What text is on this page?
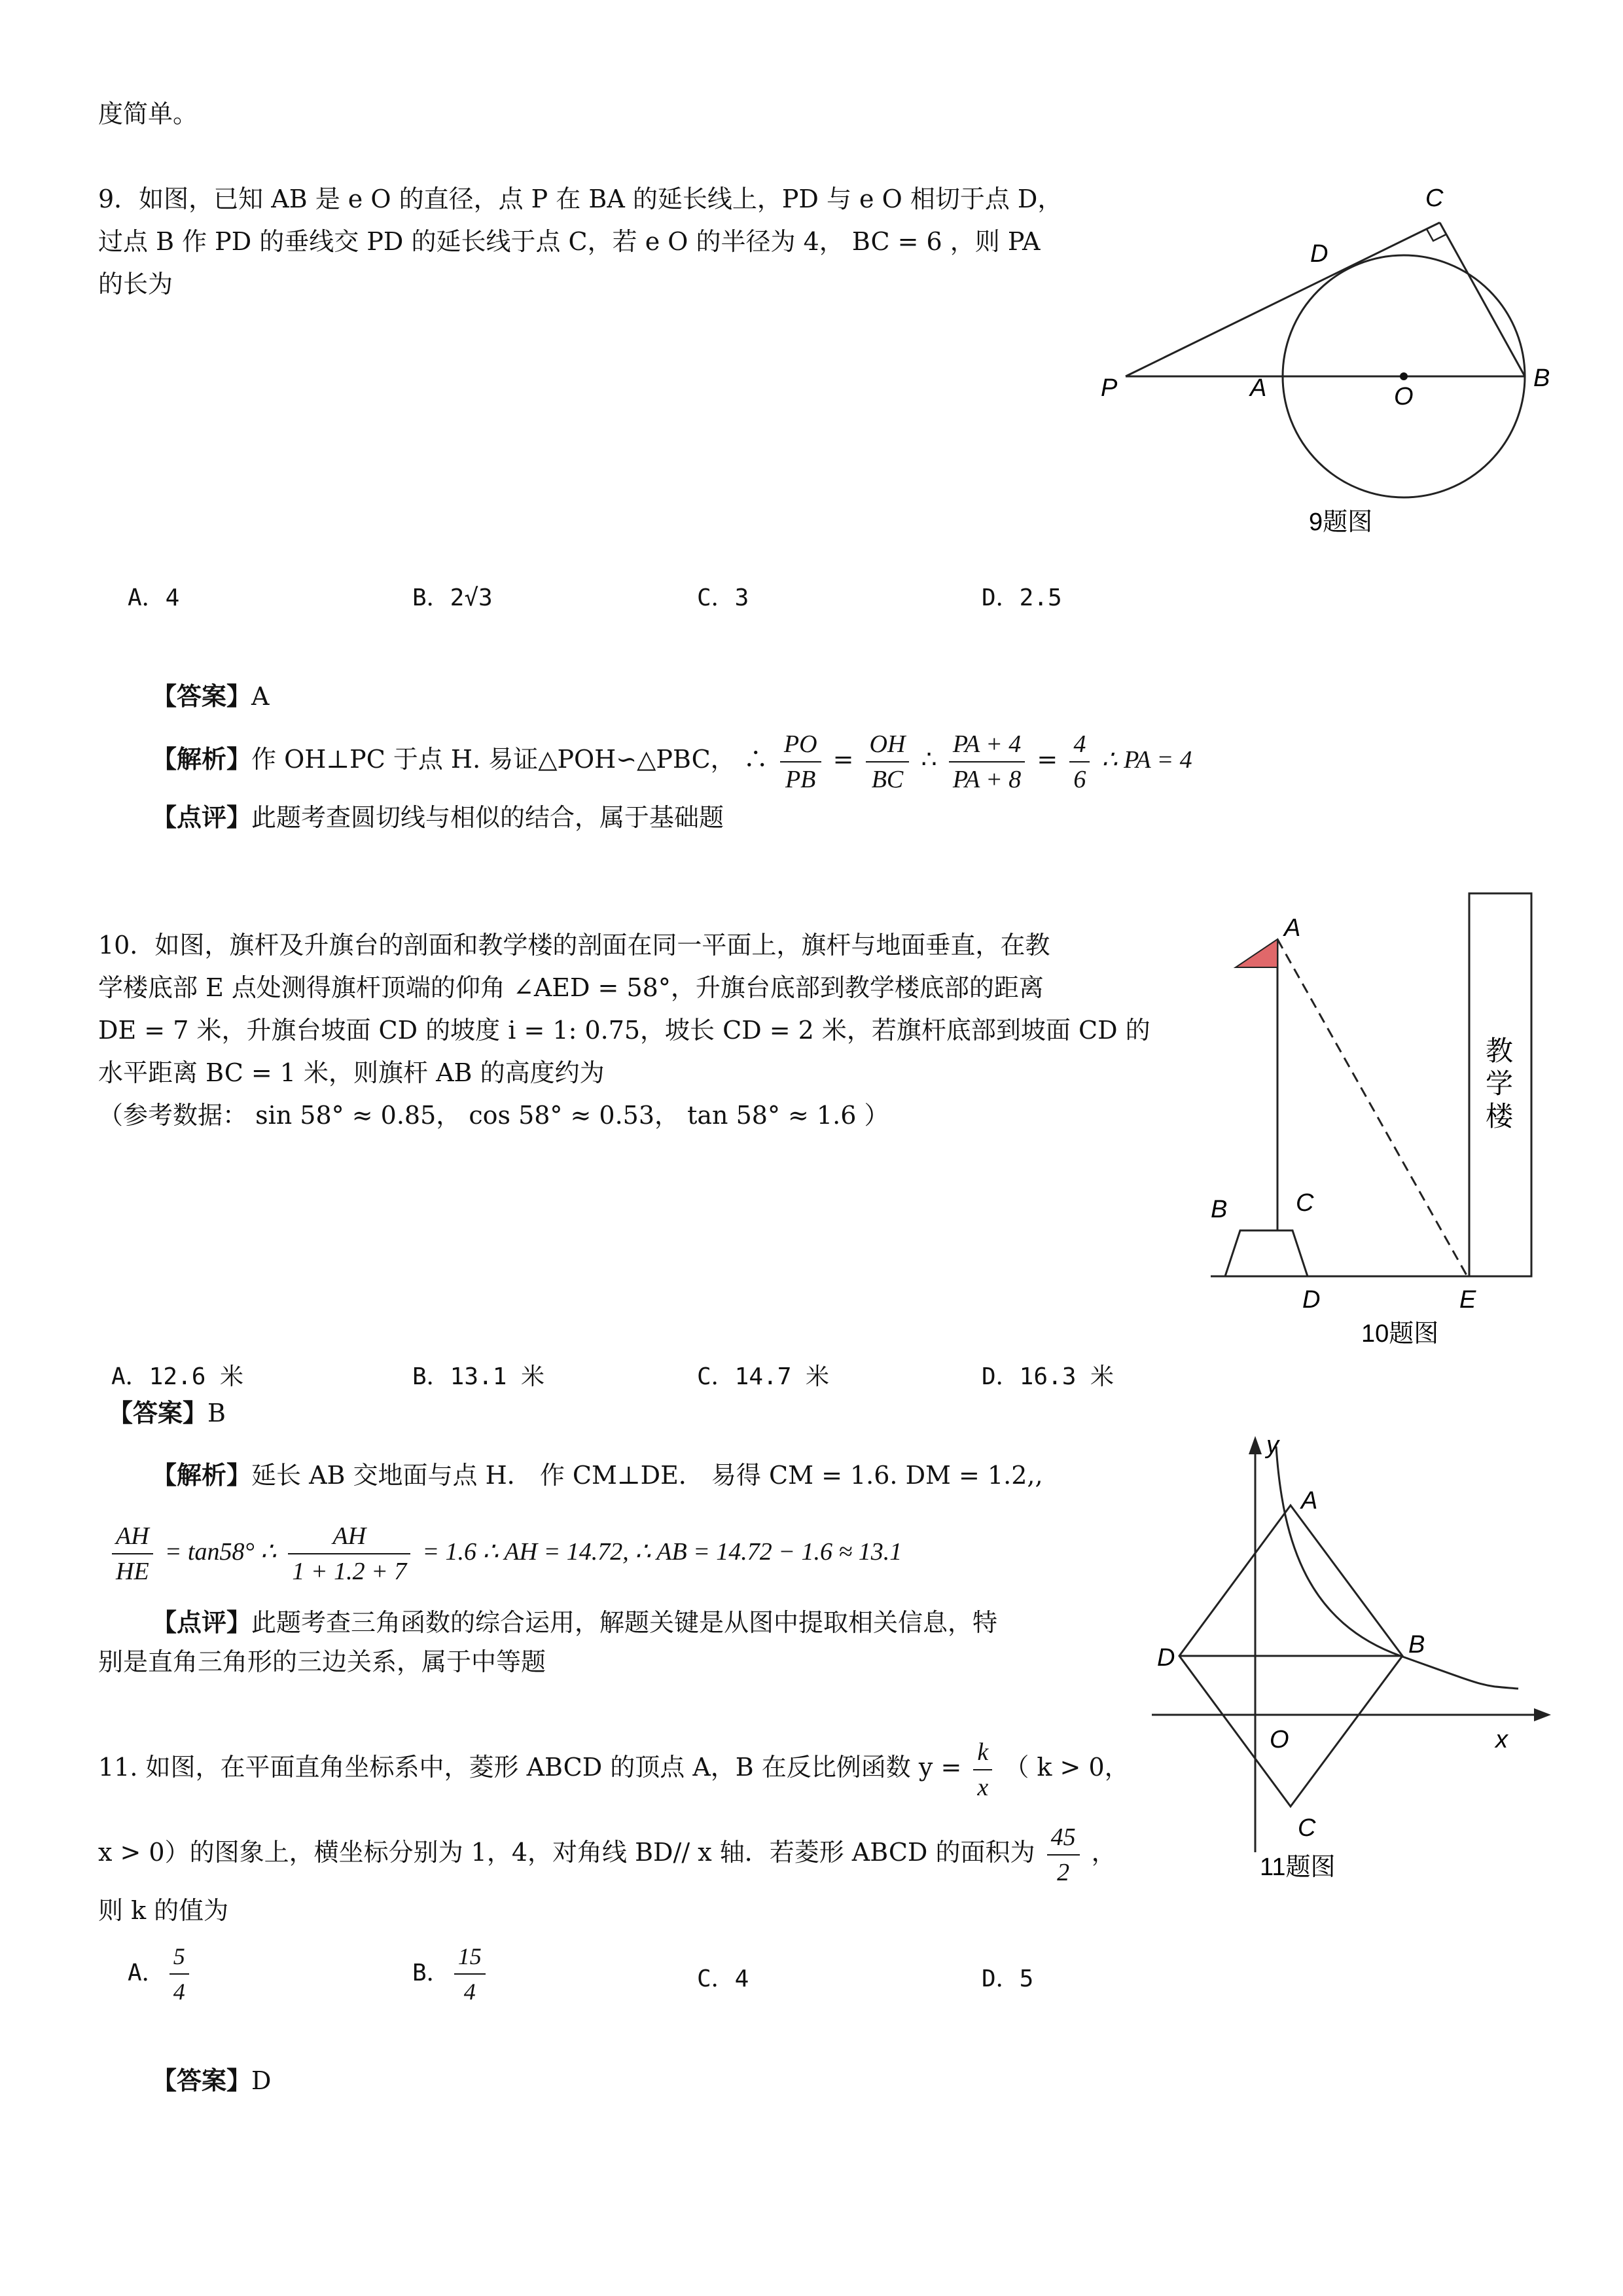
度简单。
9．如图，已知 AB 是 e O 的直径，点 P 在 BA 的延长线上，PD 与 e O 相切于点 D，
过点 B 作 PD 的垂线交 PD 的延长线于点 C，若 e O 的半径为 4， BC = 6 ，则 PA
的长为
C
D
P	A	O
B
9题图
A．4	B．2√3	C．3	D．2.5
【答案】A
【解析】作 OH⊥PC 于点 H. 易证△POH∽△PBC， ∴ $\frac{PO}{PB} = \frac{OH}{BC}$ ∴ $\frac{PA + 4}{PA + 8} = \frac{4}{6}$ ∴ PA = 4
【点评】此题考查圆切线与相似的结合，属于基础题
10．如图，旗杆及升旗台的剖面和教学楼的剖面在同一平面上，旗杆与地面垂直，在教
学楼底部 E 点处测得旗杆顶端的仰角 ∠AED = 58°，升旗台底部到教学楼底部的距离
DE = 7 米，升旗台坡面 CD 的坡度 i = 1: 0.75，坡长 CD = 2 米，若旗杆底部到坡面 CD 的
水平距离 BC = 1 米，则旗杆 AB 的高度约为
（参考数据： sin 58° ≈ 0.85， cos 58° ≈ 0.53， tan 58° ≈ 1.6 ）
教
学
楼
A
B	C
D	E
10题图
A．12.6 米	B．13.1 米	C．14.7 米	D．16.3 米
【答案】B
【解析】延长 AB 交地面与点 H． 作 CM⊥DE． 易得 CM = 1.6. DM = 1.2,,
$\frac{AH}{HE} = \tan 58^\circ$ ∴ $\frac{AH}{1 + 1.2 + 7} = 1.6$ ∴ AH = 14.72, ∴ AB = 14.72 − 1.6 ≈ 13.1
【点评】此题考查三角函数的综合运用，解题关键是从图中提取相关信息，特
别是直角三角形的三边关系，属于中等题
y
A
B
D
O	x
C
11题图
11. 如图，在平面直角坐标系中，菱形 ABCD 的顶点 A，B 在反比例函数 $y = \frac{k}{x}$ （ k > 0，
x > 0）的图象上，横坐标分别为 1，4，对角线 BD// x 轴．若菱形 ABCD 的面积为 $\frac{45}{2}$ ，
则 k 的值为
A． $\frac{5}{4}$	B． $\frac{15}{4}$	C．4	D．5
【答案】D
